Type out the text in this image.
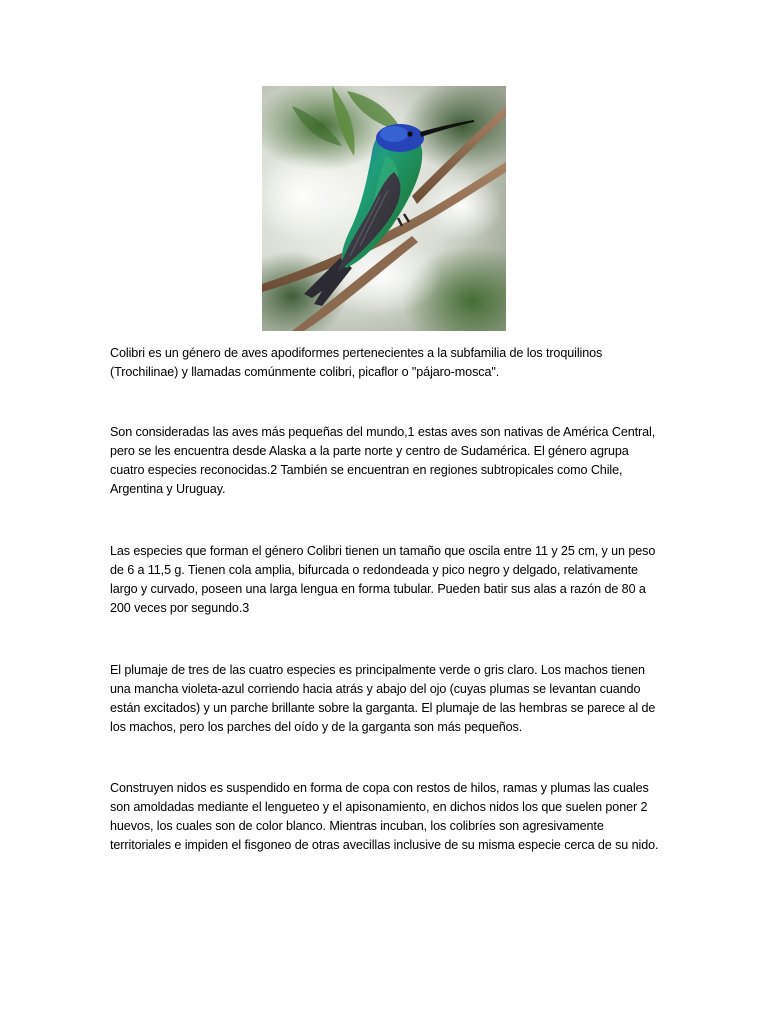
Colibri es un género de aves apodiformes pertenecientes a la subfamilia de los troquilinos (Trochilinae) y llamadas comúnmente colibri, picaflor o "pájaro-mosca".

Son consideradas las aves más pequeñas del mundo,1 estas aves son nativas de América Central, pero se les encuentra desde Alaska a la parte norte y centro de Sudamérica. El género agrupa cuatro especies reconocidas.2 También se encuentran en regiones subtropicales como Chile, Argentina y Uruguay.

Las especies que forman el género Colibri tienen un tamaño que oscila entre 11 y 25 cm, y un peso de 6 a 11,5 g. Tienen cola amplia, bifurcada o redondeada y pico negro y delgado, relativamente largo y curvado, poseen una larga lengua en forma tubular. Pueden batir sus alas a razón de 80 a 200 veces por segundo.3

El plumaje de tres de las cuatro especies es principalmente verde o gris claro. Los machos tienen una mancha violeta-azul corriendo hacia atrás y abajo del ojo (cuyas plumas se levantan cuando están excitados) y un parche brillante sobre la garganta. El plumaje de las hembras se parece al de los machos, pero los parches del oído y de la garganta son más pequeños.

Construyen nidos es suspendido en forma de copa con restos de hilos, ramas y plumas las cuales son amoldadas mediante el lengueteo y el apisonamiento, en dichos nidos los que suelen poner 2 huevos, los cuales son de color blanco. Mientras incuban, los colibríes son agresivamente territoriales e impiden el fisgoneo de otras avecillas inclusive de su misma especie cerca de su nido.
